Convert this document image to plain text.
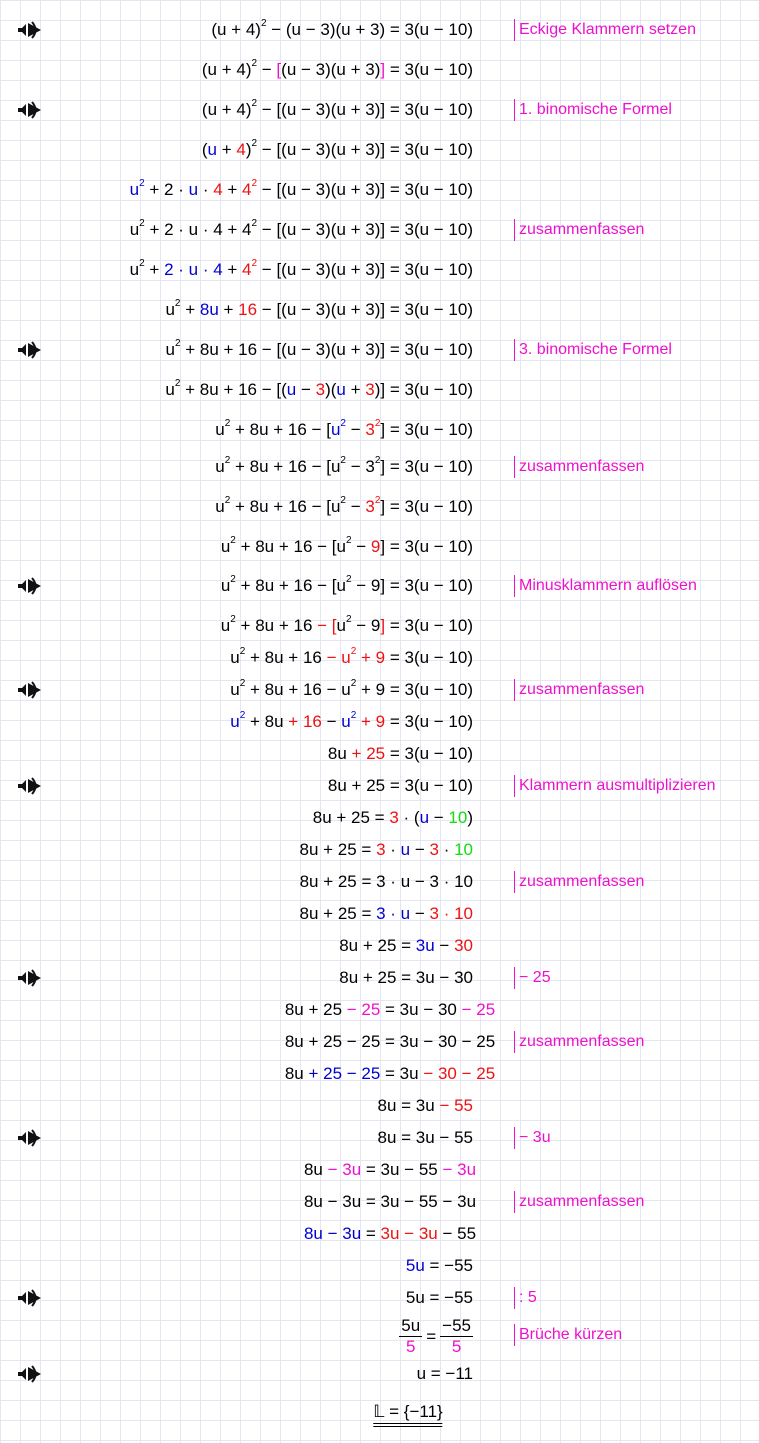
$(u + 4)^2 - (u - 3)(u + 3) = 3(u - 10)$	Eckige Klammern setzen
$(u + 4)^2 - [(u - 3)(u + 3)] = 3(u - 10)$
$(u + 4)^2 - [(u - 3)(u + 3)] = 3(u - 10)$	1. binomische Formel
$(u + 4)^2 - [(u - 3)(u + 3)] = 3(u - 10)$
$u^2 + 2 \cdot u \cdot 4 + 4^2 - [(u - 3)(u + 3)] = 3(u - 10)$
$u^2 + 2 \cdot u \cdot 4 + 4^2 - [(u - 3)(u + 3)] = 3(u - 10)$	zusammenfassen
$u^2 + 2 \cdot u \cdot 4 + 4^2 - [(u - 3)(u + 3)] = 3(u - 10)$
$u^2 + 8u + 16 - [(u - 3)(u + 3)] = 3(u - 10)$
$u^2 + 8u + 16 - [(u - 3)(u + 3)] = 3(u - 10)$	3. binomische Formel
$u^2 + 8u + 16 - [(u - 3)(u + 3)] = 3(u - 10)$
$u^2 + 8u + 16 - [u^2 - 3^2] = 3(u - 10)$
$u^2 + 8u + 16 - [u^2 - 3^2] = 3(u - 10)$	zusammenfassen
$u^2 + 8u + 16 - [u^2 - 3^2] = 3(u - 10)$
$u^2 + 8u + 16 - [u^2 - 9] = 3(u - 10)$
$u^2 + 8u + 16 - [u^2 - 9] = 3(u - 10)$	Minusklammern auflösen
$u^2 + 8u + 16 - [u^2 - 9] = 3(u - 10)$
$u^2 + 8u + 16 - u^2 + 9 = 3(u - 10)$
$u^2 + 8u + 16 - u^2 + 9 = 3(u - 10)$	zusammenfassen
$u^2 + 8u + 16 - u^2 + 9 = 3(u - 10)$
8u + 25 = 3(u − 10)
8u + 25 = 3(u − 10)	Klammern ausmultiplizieren
8u + 25 = 3 · (u − 10)
8u + 25 = 3 · u − 3 · 10
8u + 25 = 3 · u − 3 · 10	zusammenfassen
8u + 25 = 3 · u − 3 · 10
8u + 25 = 3u − 30
8u + 25 = 3u − 30	− 25
8u + 25 − 25 = 3u − 30 − 25
8u + 25 − 25 = 3u − 30 − 25	zusammenfassen
8u + 25 − 25 = 3u − 30 − 25
8u = 3u − 55
8u = 3u − 55	− 3u
8u − 3u = 3u − 55 − 3u
8u − 3u = 3u − 55 − 3u	zusammenfassen
8u − 3u = 3u − 3u − 55
5u = −55
5u = −55	: 5
u = −11
$\frac{5u}{5} = \frac{-55}{5}$	Brüche kürzen
𝕃 = {−11}
